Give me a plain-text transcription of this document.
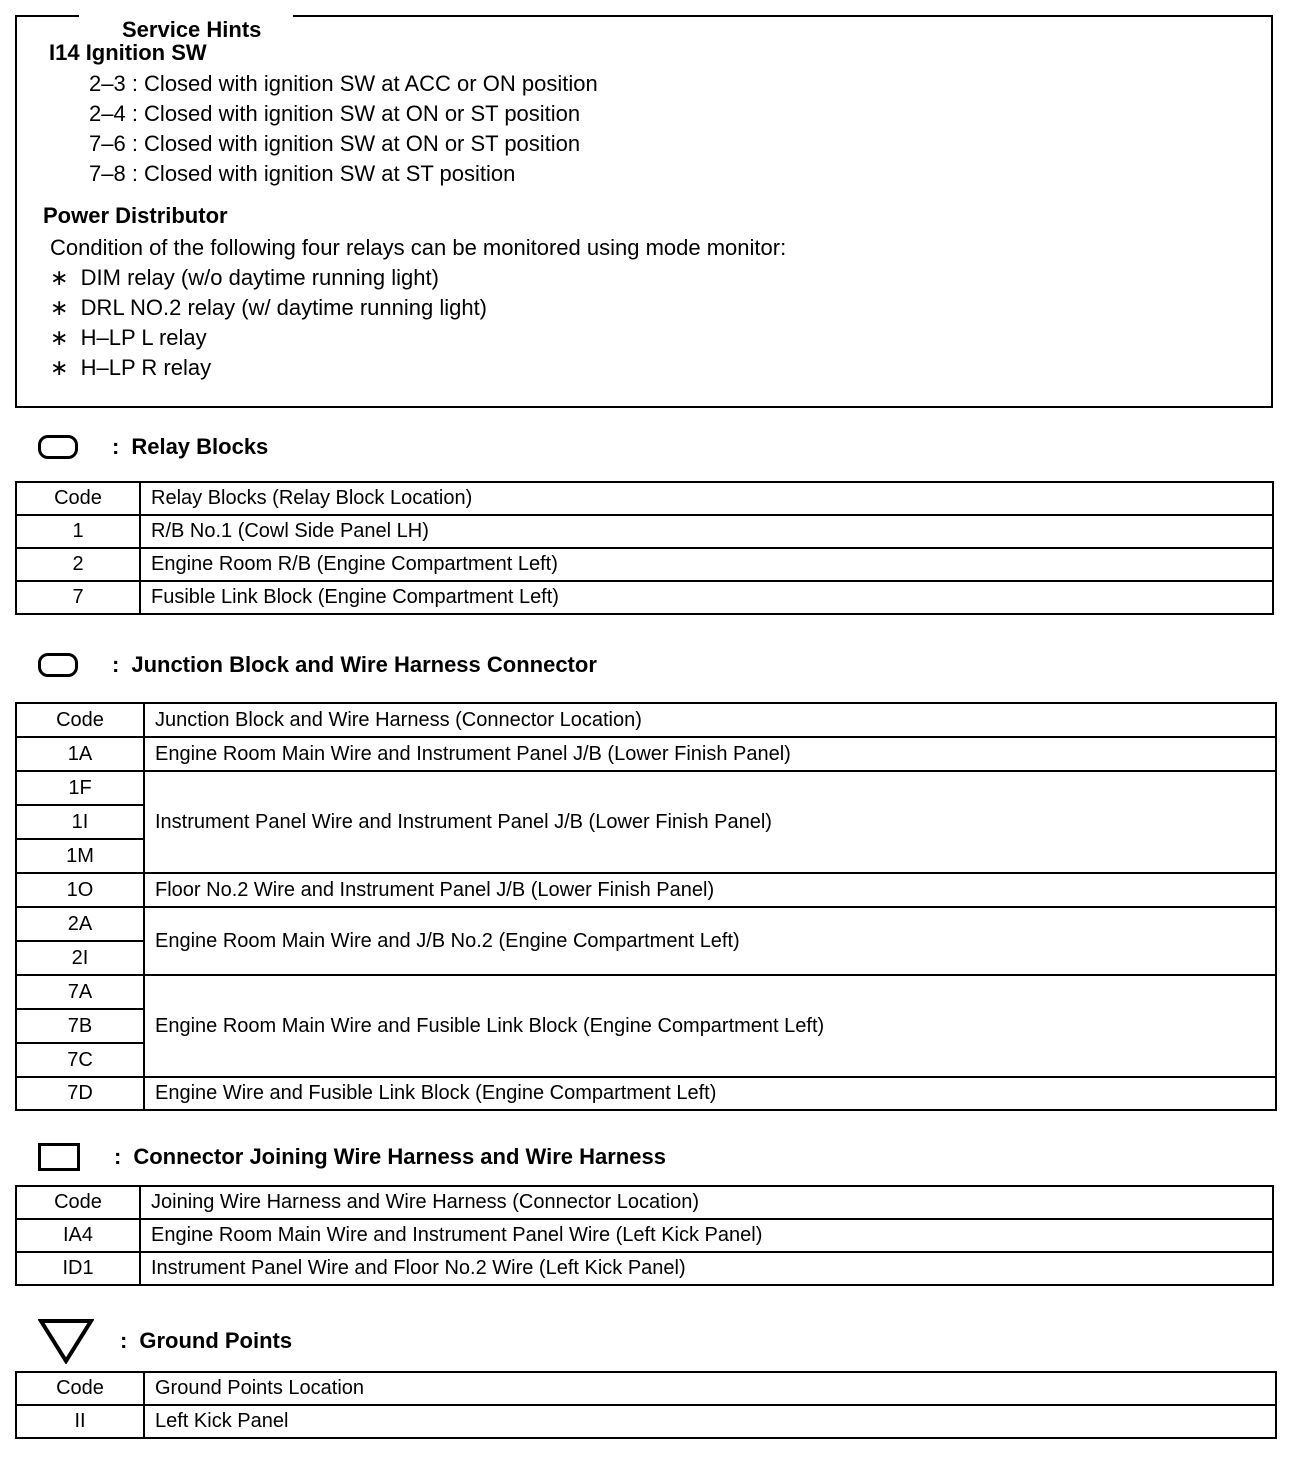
Service Hints
I14 Ignition SW
2–3 : Closed with ignition SW at ACC or ON position
2–4 : Closed with ignition SW at ON or ST position
7–6 : Closed with ignition SW at ON or ST position
7–8 : Closed with ignition SW at ST position
Power Distributor
Condition of the following four relays can be monitored using mode monitor:
∗ DIM relay (w/o daytime running light)
∗ DRL NO.2 relay (w/ daytime running light)
∗ H–LP L relay
∗ H–LP R relay
: Relay Blocks
Code	Relay Blocks (Relay Block Location)
1	R/B No.1 (Cowl Side Panel LH)
2	Engine Room R/B (Engine Compartment Left)
7	Fusible Link Block (Engine Compartment Left)
: Junction Block and Wire Harness Connector
Code	Junction Block and Wire Harness (Connector Location)
1A	Engine Room Main Wire and Instrument Panel J/B (Lower Finish Panel)
1F	Instrument Panel Wire and Instrument Panel J/B (Lower Finish Panel)
1I	
1M	
1O	Floor No.2 Wire and Instrument Panel J/B (Lower Finish Panel)
2A	Engine Room Main Wire and J/B No.2 (Engine Compartment Left)
2I	
7A	Engine Room Main Wire and Fusible Link Block (Engine Compartment Left)
7B	
7C	
7D	Engine Wire and Fusible Link Block (Engine Compartment Left)
: Connector Joining Wire Harness and Wire Harness
Code	Joining Wire Harness and Wire Harness (Connector Location)
IA4	Engine Room Main Wire and Instrument Panel Wire (Left Kick Panel)
ID1	Instrument Panel Wire and Floor No.2 Wire (Left Kick Panel)
: Ground Points
Code	Ground Points Location
II	Left Kick Panel
